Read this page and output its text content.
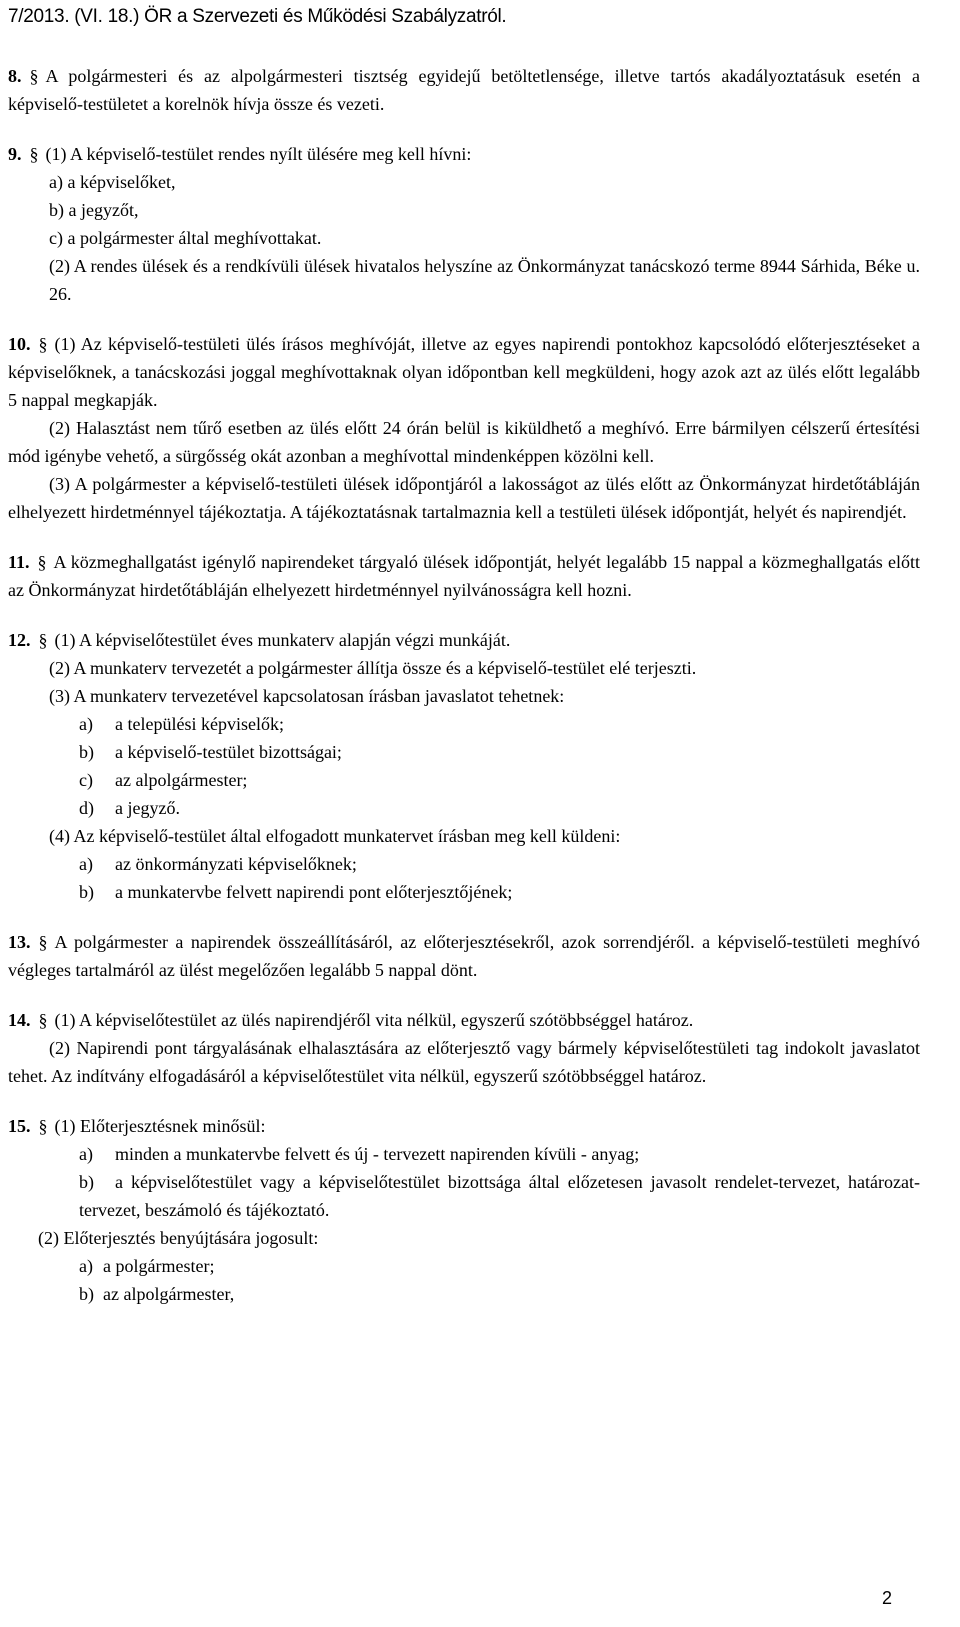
7/2013. (VI. 18.) ÖR a Szervezeti és Működési Szabályzatról.

8. § A polgármesteri és az alpolgármesteri tisztség egyidejű betöltetlensége, illetve tartós akadályoztatásuk esetén a képviselő-testületet a korelnök hívja össze és vezeti.

9. § (1) A képviselő-testület rendes nyílt ülésére meg kell hívni:

a) a képviselőket,

b) a jegyzőt,

c) a polgármester által meghívottakat.

(2) A rendes ülések és a rendkívüli ülések hivatalos helyszíne az Önkormányzat tanácskozó terme 8944 Sárhida, Béke u. 26.

10. § (1) Az képviselő-testületi ülés írásos meghívóját, illetve az egyes napirendi pontokhoz kapcsolódó előterjesztéseket a képviselőknek, a tanácskozási joggal meghívottaknak olyan időpontban kell megküldeni, hogy azok azt az ülés előtt legalább 5 nappal megkapják.

(2) Halasztást nem tűrő esetben az ülés előtt 24 órán belül is kiküldhető a meghívó. Erre bármilyen célszerű értesítési mód igénybe vehető, a sürgősség okát azonban a meghívottal mindenképpen közölni kell.

(3) A polgármester a képviselő-testületi ülések időpontjáról a lakosságot az ülés előtt az Önkormányzat hirdetőtábláján elhelyezett hirdetménnyel tájékoztatja. A tájékoztatásnak tartalmaznia kell a testületi ülések időpontját, helyét és napirendjét.

11. § A közmeghallgatást igénylő napirendeket tárgyaló ülések időpontját, helyét legalább 15 nappal a közmeghallgatás előtt az Önkormányzat hirdetőtábláján elhelyezett hirdetménnyel nyilvánosságra kell hozni.

12. § (1) A képviselőtestület éves munkaterv alapján végzi munkáját.

(2) A munkaterv tervezetét a polgármester állítja össze és a képviselő-testület elé terjeszti.

(3) A munkaterv tervezetével kapcsolatosan írásban javaslatot tehetnek:

a) a települési képviselők;

b) a képviselő-testület bizottságai;

c) az alpolgármester;

d) a jegyző.

(4) Az képviselő-testület által elfogadott munkatervet írásban meg kell küldeni:

a) az önkormányzati képviselőknek;

b) a munkatervbe felvett napirendi pont előterjesztőjének;

13. § A polgármester a napirendek összeállításáról, az előterjesztésekről, azok sorrendjéről. a képviselő-testületi meghívó végleges tartalmáról az ülést megelőzően legalább 5 nappal dönt.

14. § (1) A képviselőtestület az ülés napirendjéről vita nélkül, egyszerű szótöbbséggel határoz.

(2) Napirendi pont tárgyalásának elhalasztására az előterjesztő vagy bármely képviselőtestületi tag indokolt javaslatot tehet. Az indítvány elfogadásáról a képviselőtestület vita nélkül, egyszerű szótöbbséggel határoz.

15. § (1) Előterjesztésnek minősül:

a) minden a munkatervbe felvett és új - tervezett napirenden kívüli - anyag;

b) a képviselőtestület vagy a képviselőtestület bizottsága által előzetesen javasolt rendelet-tervezet, határozat-tervezet, beszámoló és tájékoztató.

(2) Előterjesztés benyújtására jogosult:

a) a polgármester;

b) az alpolgármester,

2
